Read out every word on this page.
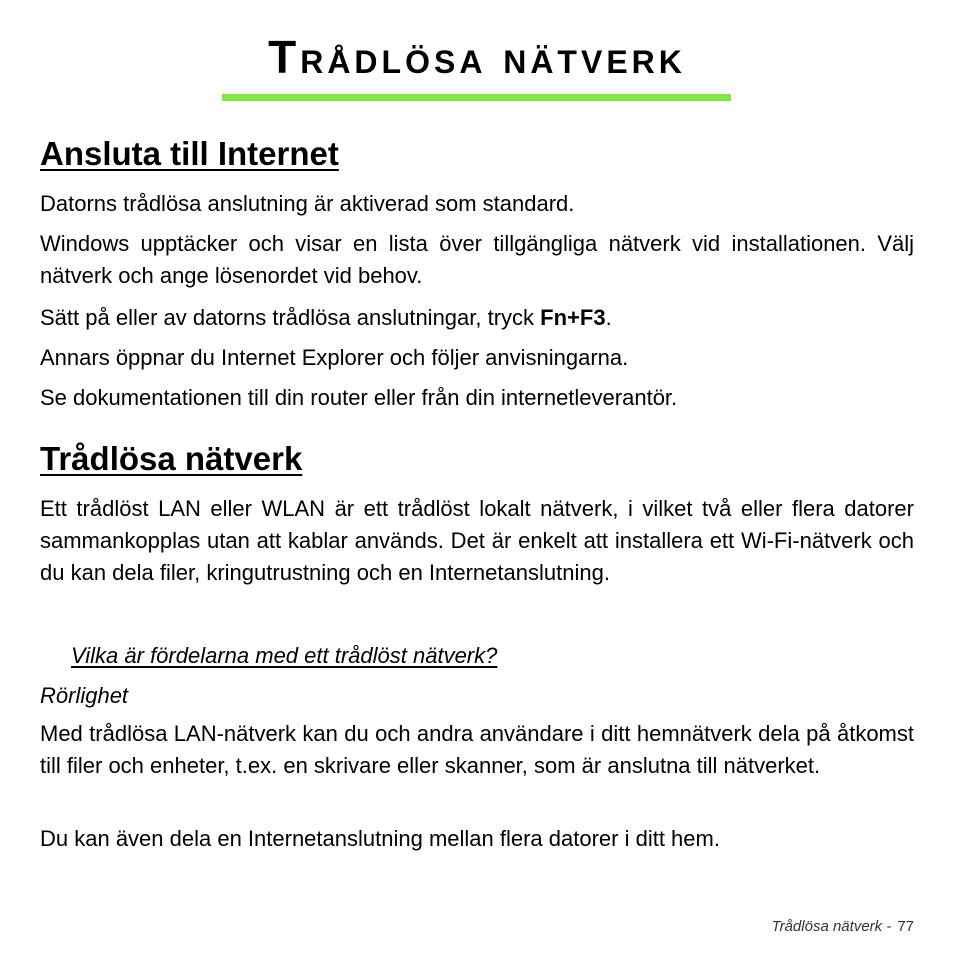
Trådlösa nätverk
Ansluta till Internet

Datorns trådlösa anslutning är aktiverad som standard.

Windows upptäcker och visar en lista över tillgängliga nätverk vid installationen. Välj nätverk och ange lösenordet vid behov.

Sätt på eller av datorns trådlösa anslutningar, tryck Fn+F3.

Annars öppnar du Internet Explorer och följer anvisningarna.

Se dokumentationen till din router eller från din internetleverantör.

Trådlösa nätverk

Ett trådlöst LAN eller WLAN är ett trådlöst lokalt nätverk, i vilket två eller flera datorer sammankopplas utan att kablar används. Det är enkelt att installera ett Wi-Fi-nätverk och du kan dela filer, kringutrustning och en Internetanslutning.

Vilka är fördelarna med ett trådlöst nätverk?
Rörlighet

Med trådlösa LAN-nätverk kan du och andra användare i ditt hemnätverk dela på åtkomst till filer och enheter, t.ex. en skrivare eller skanner, som är anslutna till nätverket.

Du kan även dela en Internetanslutning mellan flera datorer i ditt hem.

Trådlösa nätverk - 77
